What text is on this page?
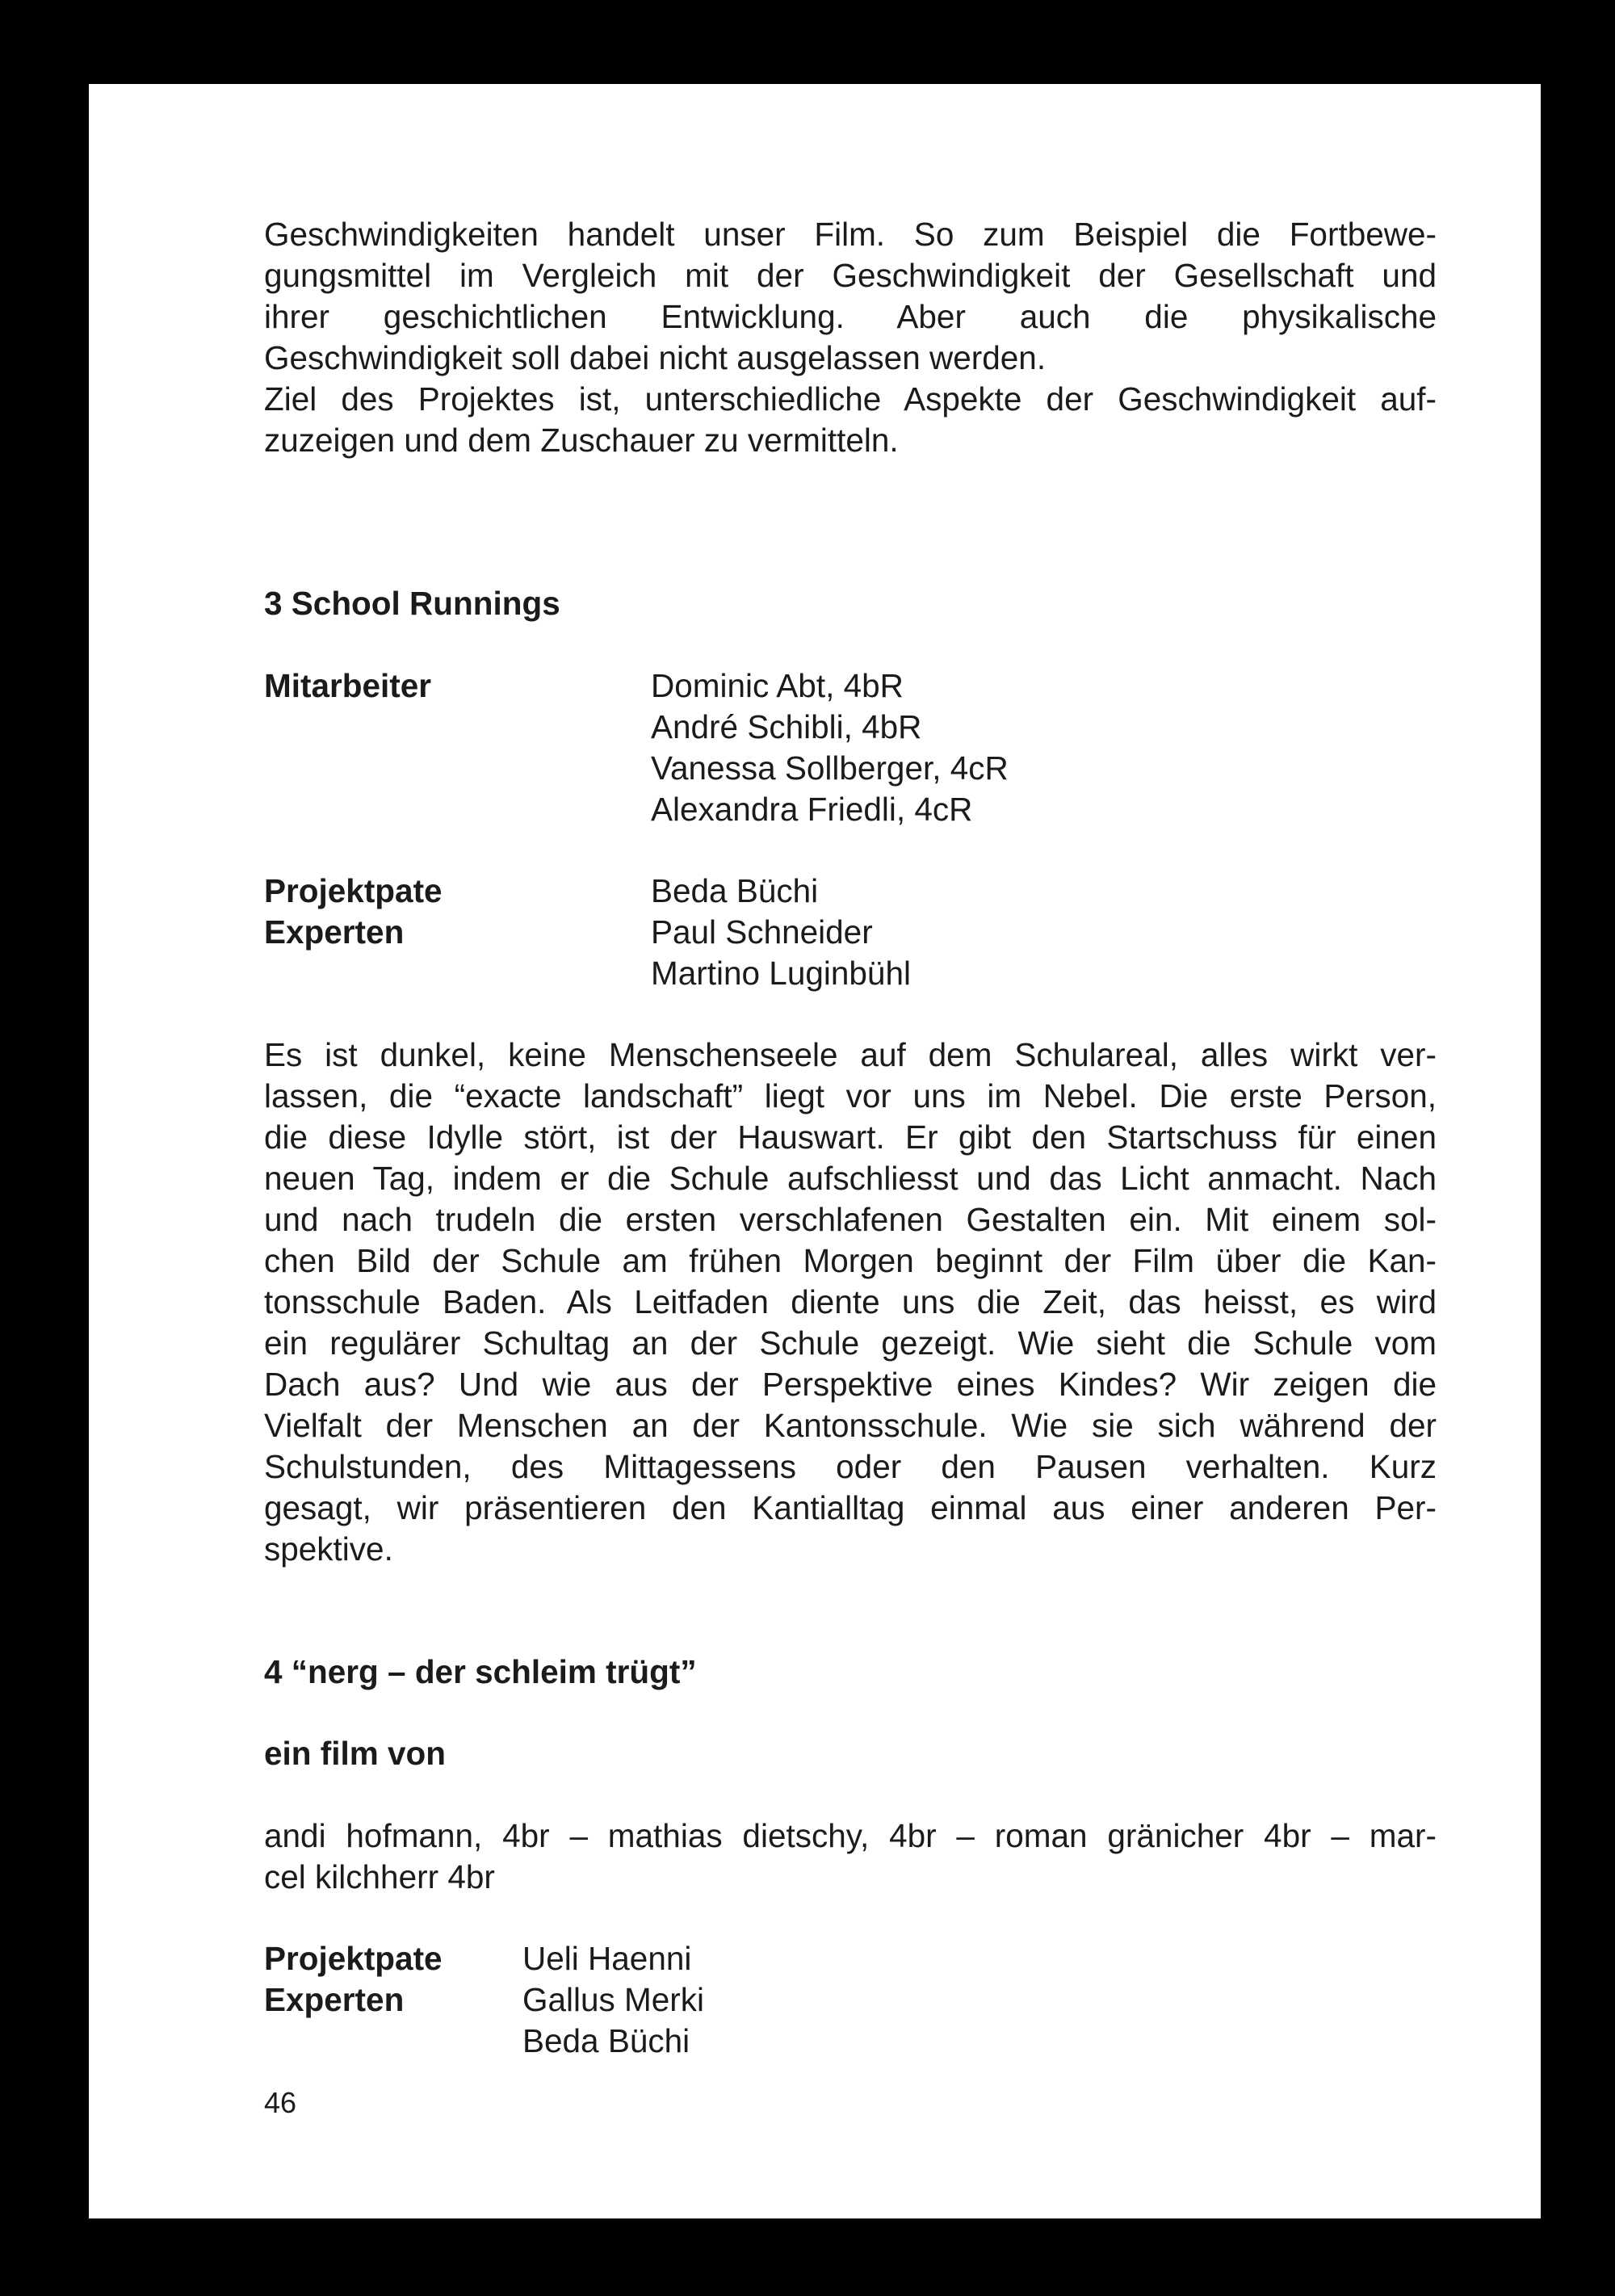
Geschwindigkeiten handelt unser Film. So zum Beispiel die Fortbewe-
gungsmittel im Vergleich mit der Geschwindigkeit der Gesellschaft und
ihrer geschichtlichen Entwicklung. Aber auch die physikalische
Geschwindigkeit soll dabei nicht ausgelassen werden.
Ziel des Projektes ist, unterschiedliche Aspekte der Geschwindigkeit auf-
zuzeigen und dem Zuschauer zu vermitteln.

3 School Runnings

Mitarbeiter	Dominic Abt, 4bR
André Schibli, 4bR
Vanessa Sollberger, 4cR
Alexandra Friedli, 4cR
Projektpate
Experten
Beda Büchi
Paul Schneider
Martino Luginbühl

Es ist dunkel, keine Menschenseele auf dem Schulareal, alles wirkt ver-
lassen, die “exacte landschaft” liegt vor uns im Nebel. Die erste Person,
die diese Idylle stört, ist der Hauswart. Er gibt den Startschuss für einen
neuen Tag, indem er die Schule aufschliesst und das Licht anmacht. Nach
und nach trudeln die ersten verschlafenen Gestalten ein. Mit einem sol-
chen Bild der Schule am frühen Morgen beginnt der Film über die Kan-
tonsschule Baden. Als Leitfaden diente uns die Zeit, das heisst, es wird
ein regulärer Schultag an der Schule gezeigt. Wie sieht die Schule vom
Dach aus? Und wie aus der Perspektive eines Kindes? Wir zeigen die
Vielfalt der Menschen an der Kantonsschule. Wie sie sich während der
Schulstunden, des Mittagessens oder den Pausen verhalten. Kurz
gesagt, wir präsentieren den Kantialltag einmal aus einer anderen Per-
spektive.

4 “nerg – der schleim trügt”

ein film von

andi hofmann, 4br – mathias dietschy, 4br – roman gränicher 4br – mar-
cel kilchherr 4br

Projektpate
Experten
Ueli Haenni
Gallus Merki
Beda Büchi
46
